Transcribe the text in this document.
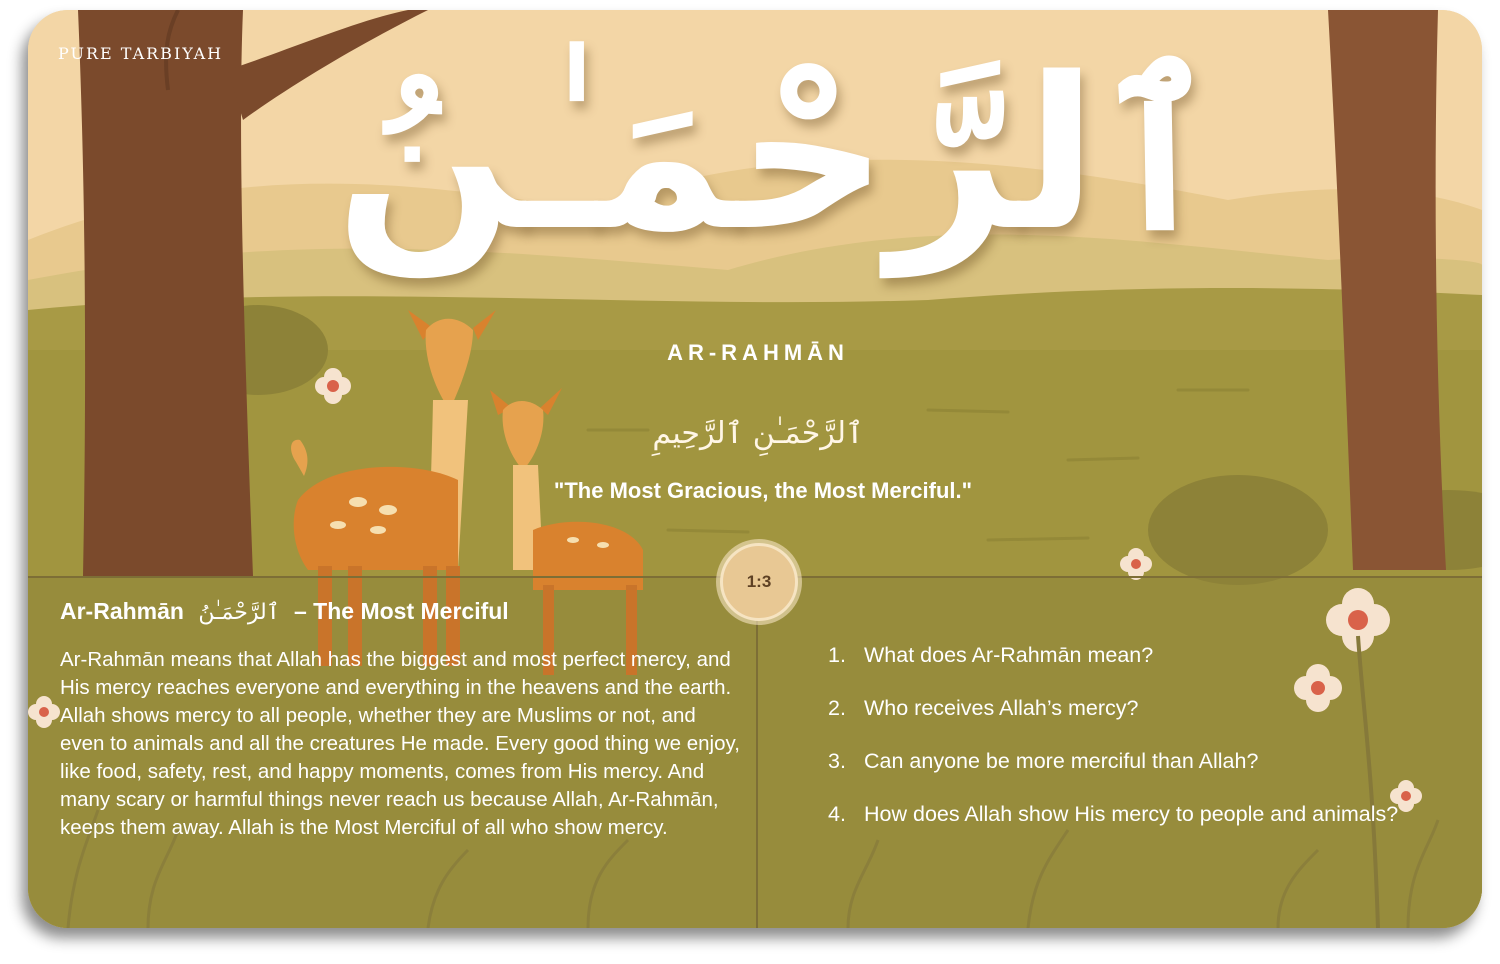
PURE TARBIYAH ٱلرَّحْمَـٰنُ
AR-RAHMĀN
ٱلرَّحْمَـٰنِ ٱلرَّحِيمِ
"The Most Gracious, the Most Merciful."
1:3
Ar-Rahmān ٱلرَّحْمَـٰنُ – The Most Merciful
Ar-Rahmān means that Allah has the biggest and most perfect mercy, and His mercy reaches everyone and everything in the heavens and the earth. Allah shows mercy to all people, whether they are Muslims or not, and even to animals and all the creatures He made. Every good thing we enjoy, like food, safety, rest, and happy moments, comes from His mercy. And many scary or harmful things never reach us because Allah, Ar-Rahmān, keeps them away. Allah is the Most Merciful of all who show mercy.
1. What does Ar-Rahmān mean?
2. Who receives Allah’s mercy?
3. Can anyone be more merciful than Allah?
4. How does Allah show His mercy to people and animals?
